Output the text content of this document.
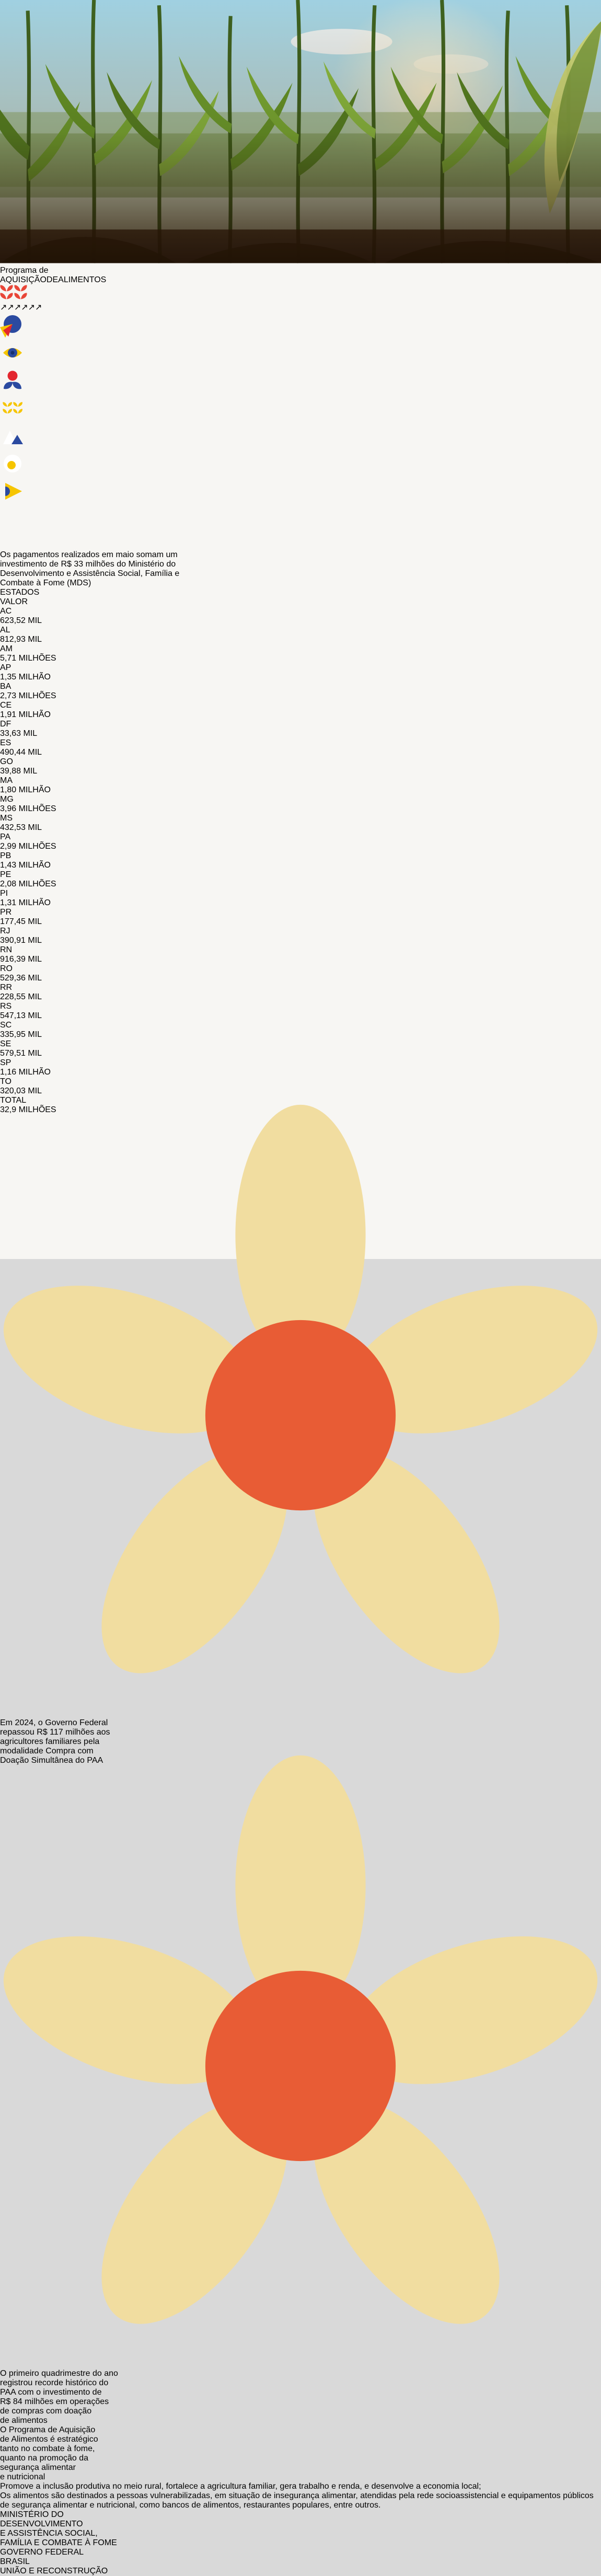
Programa de
AQUISIÇÃODEALIMENTOS
↗↗↗↗↗↗
Os pagamentos realizados em maio somam um
investimento de R$ 33 milhões do Ministério do
Desenvolvimento e Assistência Social, Família e
Combate à Fome (MDS)
ESTADOS
VALOR
AC
623,52 MIL
AL
812,93 MIL
AM
5,71 MILHÕES
AP
1,35 MILHÃO
BA
2,73 MILHÕES
CE
1,91 MILHÃO
DF
33,63 MIL
ES
490,44 MIL
GO
39,88 MIL
MA
1,80 MILHÃO
MG
3,96 MILHÕES
MS
432,53 MIL
PA
2,99 MILHÕES
PB
1,43 MILHÃO
PE
2,08 MILHÕES
PI
1,31 MILHÃO
PR
177,45 MIL
RJ
390,91 MIL
RN
916,39 MIL
RO
529,36 MIL
RR
228,55 MIL
RS
547,13 MIL
SC
335,95 MIL
SE
579,51 MIL
SP
1,16 MILHÃO
TO
320,03 MIL
TOTAL
32,9 MILHÕES
Em 2024, o Governo Federal
repassou R$ 117 milhões aos
agricultores familiares pela
modalidade Compra com
Doação Simultânea do PAA
O primeiro quadrimestre do ano
registrou recorde histórico do
PAA com o investimento de
R$ 84 milhões em operações
de compras com doação
de alimentos
O Programa de Aquisição
de Alimentos é estratégico
tanto no combate à fome,
quanto na promoção da
segurança alimentar
e nutricional
Promove a inclusão produtiva no meio rural, fortalece a agricultura familiar, gera trabalho e renda, e desenvolve a economia local;
Os alimentos são destinados a pessoas vulnerabilizadas, em situação de insegurança alimentar, atendidas pela rede socioassistencial e equipamentos públicos de segurança alimentar e nutricional, como bancos de alimentos, restaurantes populares, entre outros.
MINISTÉRIO DO
DESENVOLVIMENTO
E ASSISTÊNCIA SOCIAL,
FAMÍLIA E COMBATE À FOME
GOVERNO FEDERAL
BRASIL
UNIÃO E RECONSTRUÇÃO
